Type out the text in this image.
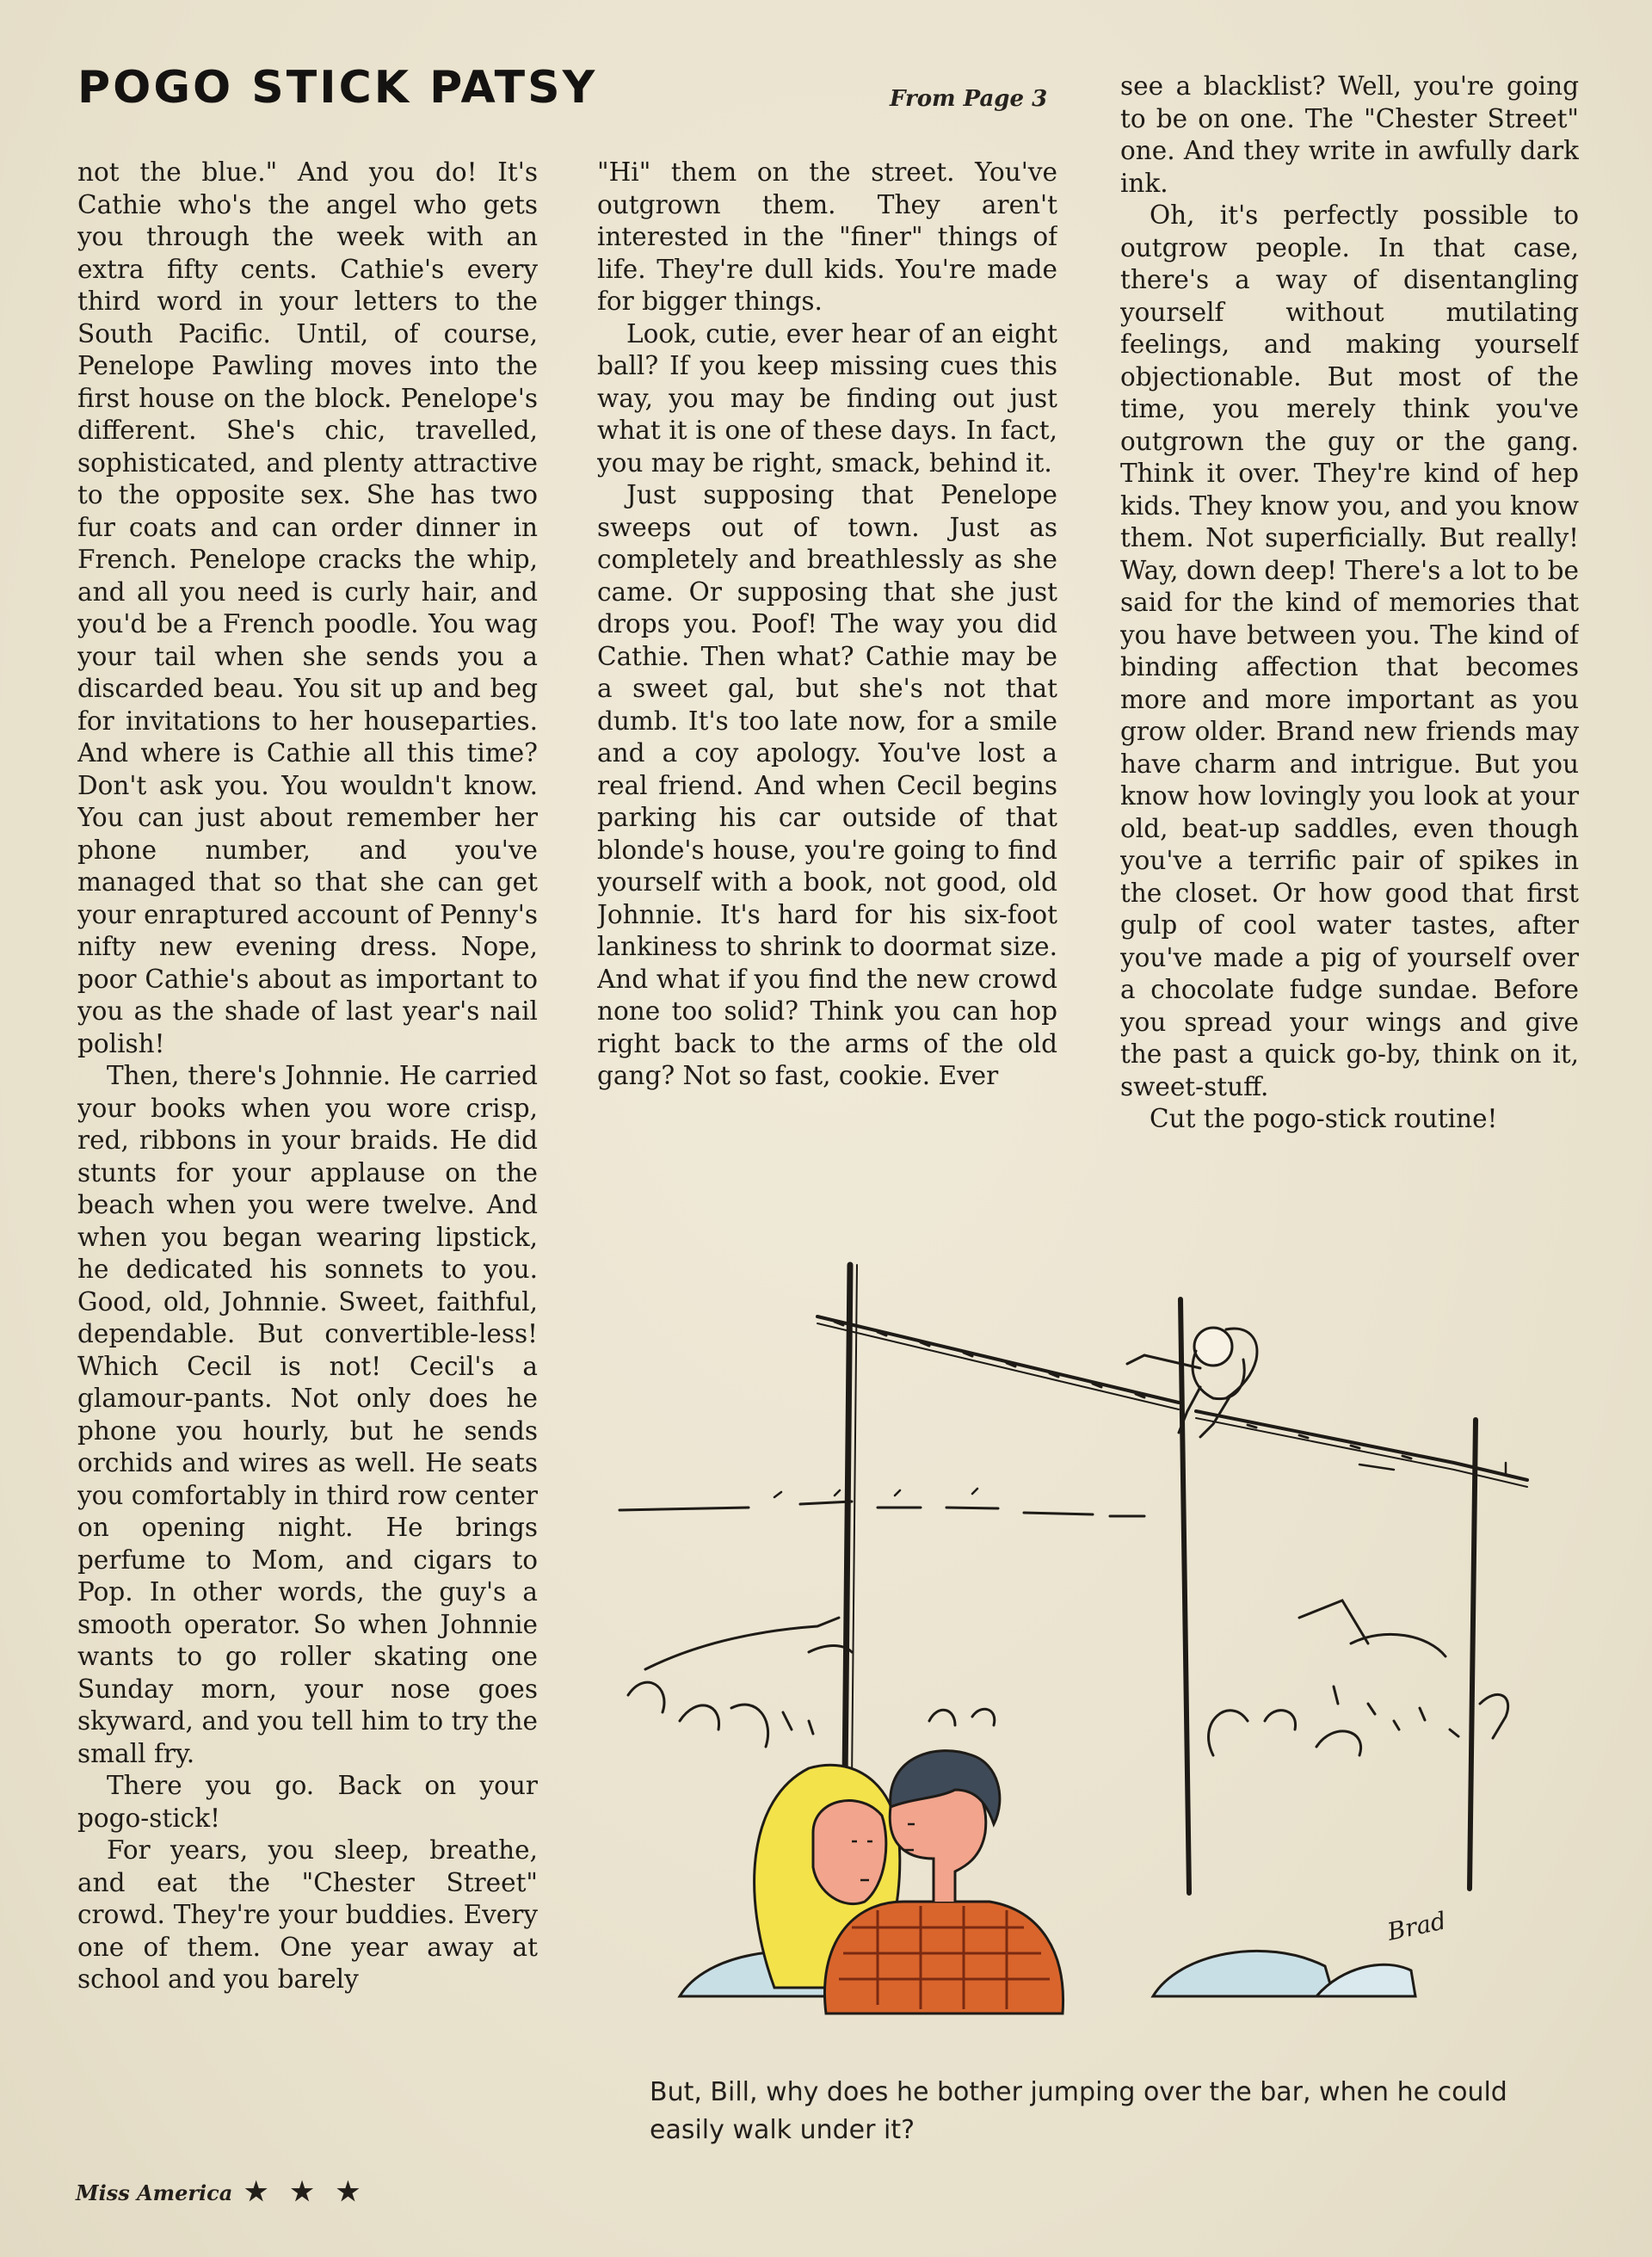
POGO STICK PATSY	From Page 3

not the blue." And you do! It's Cathie who's the angel who gets you through the week with an extra fifty cents. Cathie's every third word in your letters to the South Pacific. Until, of course, Penelope Pawling moves into the first house on the block. Penelope's different. She's chic, travelled, sophisticated, and plenty attractive to the opposite sex. She has two fur coats and can order dinner in French. Penelope cracks the whip, and all you need is curly hair, and you'd be a French poodle. You wag your tail when she sends you a discarded beau. You sit up and beg for invitations to her houseparties. And where is Cathie all this time? Don't ask you. You wouldn't know. You can just about remember her phone number, and you've managed that so that she can get your enraptured account of Penny's nifty new evening dress. Nope, poor Cathie's about as important to you as the shade of last year's nail polish!

Then, there's Johnnie. He carried your books when you wore crisp, red, ribbons in your braids. He did stunts for your applause on the beach when you were twelve. And when you began wearing lipstick, he dedicated his sonnets to you. Good, old, Johnnie. Sweet, faithful, dependable. But convertible-less! Which Cecil is not! Cecil's a glamour-pants. Not only does he phone you hourly, but he sends orchids and wires as well. He seats you comfortably in third row center on opening night. He brings perfume to Mom, and cigars to Pop. In other words, the guy's a smooth operator. So when Johnnie wants to go roller skating one Sunday morn, your nose goes skyward, and you tell him to try the small fry.

There you go. Back on your pogo-stick!

For years, you sleep, breathe, and eat the "Chester Street" crowd. They're your buddies. Every one of them. One year away at school and you barely

"Hi" them on the street. You've outgrown them. They aren't interested in the "finer" things of life. They're dull kids. You're made for bigger things.

Look, cutie, ever hear of an eight ball? If you keep missing cues this way, you may be finding out just what it is one of these days. In fact, you may be right, smack, behind it.

Just supposing that Penelope sweeps out of town. Just as completely and breathlessly as she came. Or supposing that she just drops you. Poof! The way you did Cathie. Then what? Cathie may be a sweet gal, but she's not that dumb. It's too late now, for a smile and a coy apology. You've lost a real friend. And when Cecil begins parking his car outside of that blonde's house, you're going to find yourself with a book, not good, old Johnnie. It's hard for his six-foot lankiness to shrink to doormat size. And what if you find the new crowd none too solid? Think you can hop right back to the arms of the old gang? Not so fast, cookie. Ever

see a blacklist? Well, you're going to be on one. The "Chester Street" one. And they write in awfully dark ink.

Oh, it's perfectly possible to outgrow people. In that case, there's a way of disentangling yourself without mutilating feelings, and making yourself objectionable. But most of the time, you merely think you've outgrown the guy or the gang. Think it over. They're kind of hep kids. They know you, and you know them. Not superficially. But really! Way, down deep! There's a lot to be said for the kind of memories that you have between you. The kind of binding affection that becomes more and more important as you grow older. Brand new friends may have charm and intrigue. But you know how lovingly you look at your old, beat-up saddles, even though you've a terrific pair of spikes in the closet. Or how good that first gulp of cool water tastes, after you've made a pig of yourself over a chocolate fudge sundae. Before you spread your wings and give the past a quick go-by, think on it, sweet-stuff.

Cut the pogo-stick routine!

Brad
But, Bill, why does he bother jumping over the bar, when he could easily walk under it?
Miss America ★ ★ ★
